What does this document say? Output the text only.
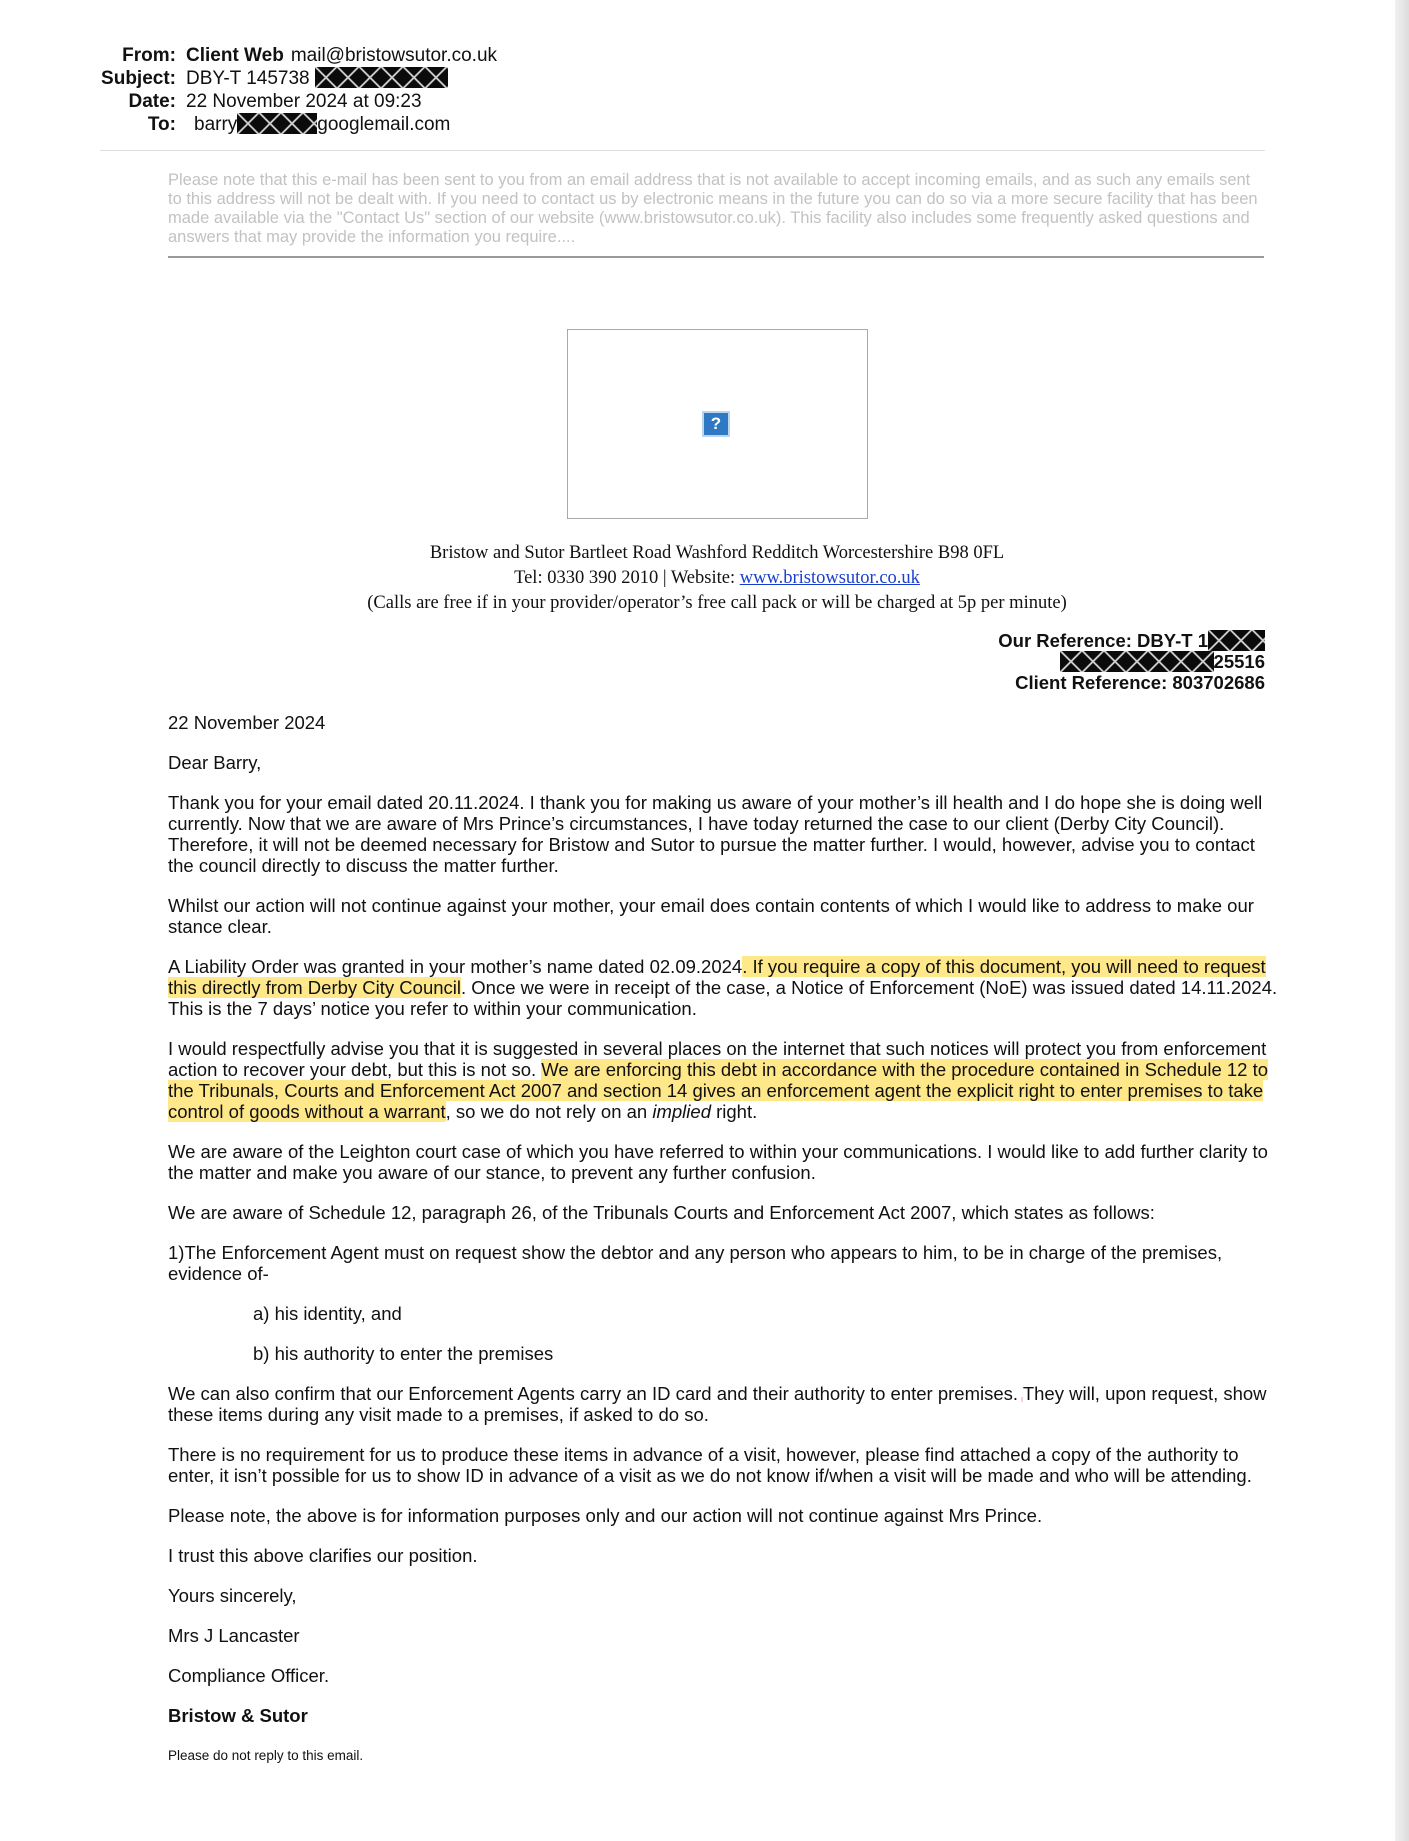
From: Client Web mail@bristowsutor.co.uk
Subject: DBY-T 145738
Date: 22 November 2024 at 09:23
To: barry	googlemail.com
Please note that this e-mail has been sent to you from an email address that is not available to accept incoming emails, and as such any emails sent to this address will not be dealt with. If you need to contact us by electronic means in the future you can do so via a more secure facility that has been made available via the "Contact Us" section of our website (www.bristowsutor.co.uk). This facility also includes some frequently asked questions and answers that may provide the information you require....
?
Bristow and Sutor Bartleet Road Washford Redditch Worcestershire B98 0FL
Tel: 0330 390 2010 | Website: www.bristowsutor.co.uk
(Calls are free if in your provider/operator’s free call pack or will be charged at 5p per minute)
Our Reference: DBY-T 1
25516
Client Reference: 803702686

22 November 2024

Dear Barry,

Thank you for your email dated 20.11.2024. I thank you for making us aware of your mother’s ill health and I do hope she is doing well currently. Now that we are aware of Mrs Prince’s circumstances, I have today returned the case to our client (Derby City Council). Therefore, it will not be deemed necessary for Bristow and Sutor to pursue the matter further. I would, however, advise you to contact the council directly to discuss the matter further.

Whilst our action will not continue against your mother, your email does contain contents of which I would like to address to make our stance clear.

A Liability Order was granted in your mother’s name dated 02.09.2024. If you require a copy of this document, you will need to request this directly from Derby City Council. Once we were in receipt of the case, a Notice of Enforcement (NoE) was issued dated 14.11.2024. This is the 7 days’ notice you refer to within your communication.

I would respectfully advise you that it is suggested in several places on the internet that such notices will protect you from enforcement action to recover your debt, but this is not so. We are enforcing this debt in accordance with the procedure contained in Schedule 12 to the Tribunals, Courts and Enforcement Act 2007 and section 14 gives an enforcement agent the explicit right to enter premises to take control of goods without a warrant, so we do not rely on an implied right.

We are aware of the Leighton court case of which you have referred to within your communications. I would like to add further clarity to the matter and make you aware of our stance, to prevent any further confusion.

We are aware of Schedule 12, paragraph 26, of the Tribunals Courts and Enforcement Act 2007, which states as follows:

1)The Enforcement Agent must on request show the debtor and any person who appears to him, to be in charge of the premises, evidence of-

a) his identity, and

b) his authority to enter the premises

We can also confirm that our Enforcement Agents carry an ID card and their authority to enter premises. They will, upon request, show these items during any visit made to a premises, if asked to do so.

There is no requirement for us to produce these items in advance of a visit, however, please find attached a copy of the authority to enter, it isn’t possible for us to show ID in advance of a visit as we do not know if/when a visit will be made and who will be attending.

Please note, the above is for information purposes only and our action will not continue against Mrs Prince.

I trust this above clarifies our position.

Yours sincerely,

Mrs J Lancaster

Compliance Officer.

Bristow & Sutor

Please do not reply to this email.
